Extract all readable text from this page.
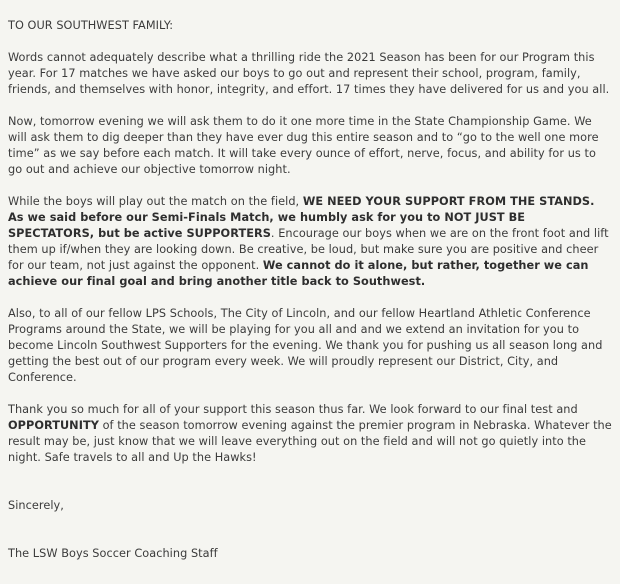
TO OUR SOUTHWEST FAMILY:

Words cannot adequately describe what a thrilling ride the 2021 Season has been for our Program this year. For 17 matches we have asked our boys to go out and represent their school, program, family, friends, and themselves with honor, integrity, and effort. 17 times they have delivered for us and you all.

Now, tomorrow evening we will ask them to do it one more time in the State Championship Game. We will ask them to dig deeper than they have ever dug this entire season and to “go to the well one more time” as we say before each match. It will take every ounce of effort, nerve, focus, and ability for us to go out and achieve our objective tomorrow night.

While the boys will play out the match on the field, WE NEED YOUR SUPPORT FROM THE STANDS. As we said before our Semi-Finals Match, we humbly ask for you to NOT JUST BE SPECTATORS, but be active SUPPORTERS. Encourage our boys when we are on the front foot and lift them up if/when they are looking down. Be creative, be loud, but make sure you are positive and cheer for our team, not just against the opponent. We cannot do it alone, but rather, together we can achieve our final goal and bring another title back to Southwest.

Also, to all of our fellow LPS Schools, The City of Lincoln, and our fellow Heartland Athletic Conference Programs around the State, we will be playing for you all and and we extend an invitation for you to become Lincoln Southwest Supporters for the evening. We thank you for pushing us all season long and getting the best out of our program every week. We will proudly represent our District, City, and Conference.

Thank you so much for all of your support this season thus far. We look forward to our final test and OPPORTUNITY of the season tomorrow evening against the premier program in Nebraska. Whatever the result may be, just know that we will leave everything out on the field and will not go quietly into the night. Safe travels to all and Up the Hawks!

Sincerely,

The LSW Boys Soccer Coaching Staff
